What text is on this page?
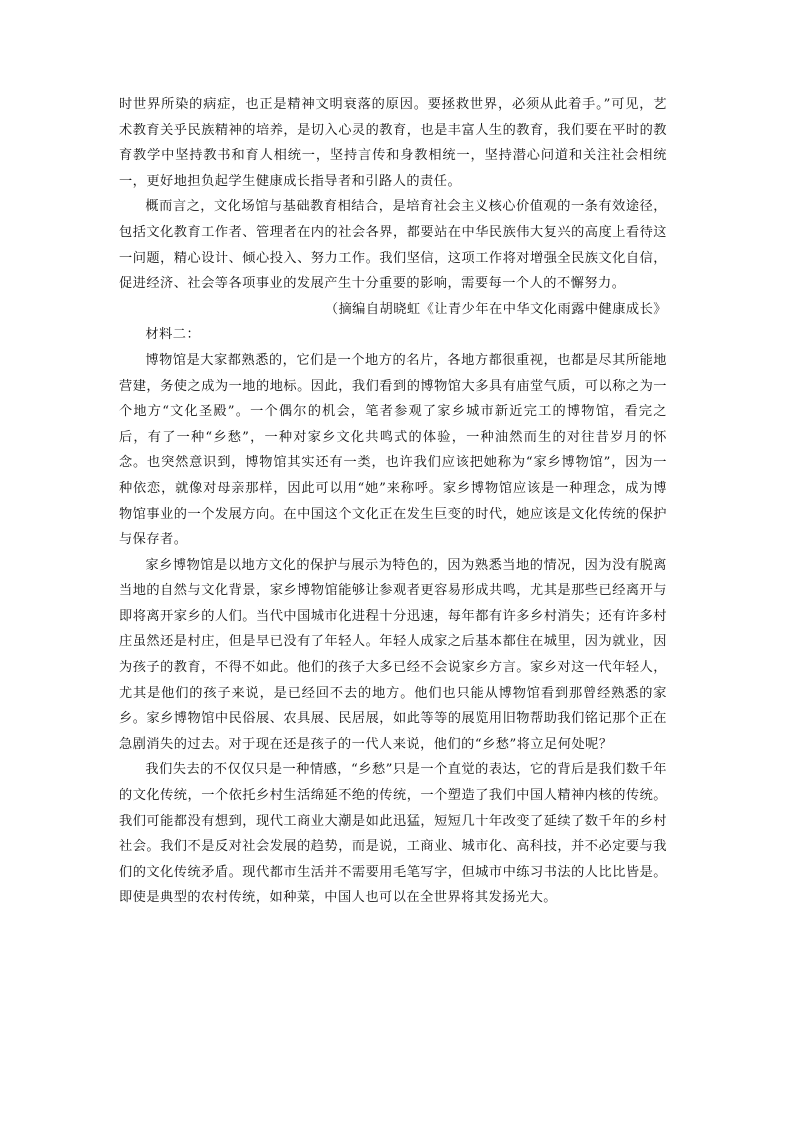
时世界所染的病症，也正是精神文明衰落的原因。要拯救世界，必须从此着手。”可见，艺术教育关乎民族精神的培养，是切入心灵的教育，也是丰富人生的教育，我们要在平时的教育教学中坚持教书和育人相统一，坚持言传和身教相统一，坚持潜心问道和关注社会相统一，更好地担负起学生健康成长指导者和引路人的责任。

概而言之，文化场馆与基础教育相结合，是培育社会主义核心价值观的一条有效途径，包括文化教育工作者、管理者在内的社会各界，都要站在中华民族伟大复兴的高度上看待这一问题，精心设计、倾心投入、努力工作。我们坚信，这项工作将对增强全民族文化自信，促进经济、社会等各项事业的发展产生十分重要的影响，需要每一个人的不懈努力。

（摘编自胡晓虹《让青少年在中华文化雨露中健康成长》

材料二：

博物馆是大家都熟悉的，它们是一个地方的名片，各地方都很重视，也都是尽其所能地营建，务使之成为一地的地标。因此，我们看到的博物馆大多具有庙堂气质，可以称之为一个地方“文化圣殿”。一个偶尔的机会，笔者参观了家乡城市新近完工的博物馆，看完之后，有了一种“乡愁”，一种对家乡文化共鸣式的体验，一种油然而生的对往昔岁月的怀念。也突然意识到，博物馆其实还有一类，也许我们应该把她称为“家乡博物馆”，因为一种依恋，就像对母亲那样，因此可以用“她”来称呼。家乡博物馆应该是一种理念，成为博物馆事业的一个发展方向。在中国这个文化正在发生巨变的时代，她应该是文化传统的保护与保存者。

家乡博物馆是以地方文化的保护与展示为特色的，因为熟悉当地的情况，因为没有脱离当地的自然与文化背景，家乡博物馆能够让参观者更容易形成共鸣，尤其是那些已经离开与即将离开家乡的人们。当代中国城市化进程十分迅速，每年都有许多乡村消失；还有许多村庄虽然还是村庄，但是早已没有了年轻人。年轻人成家之后基本都住在城里，因为就业，因为孩子的教育，不得不如此。他们的孩子大多已经不会说家乡方言。家乡对这一代年轻人，尤其是他们的孩子来说，是已经回不去的地方。他们也只能从博物馆看到那曾经熟悉的家乡。家乡博物馆中民俗展、农具展、民居展，如此等等的展览用旧物帮助我们铭记那个正在急剧消失的过去。对于现在还是孩子的一代人来说，他们的“乡愁”将立足何处呢？

我们失去的不仅仅只是一种情感，“乡愁”只是一个直觉的表达，它的背后是我们数千年的文化传统，一个依托乡村生活绵延不绝的传统，一个塑造了我们中国人精神内核的传统。我们可能都没有想到，现代工商业大潮是如此迅猛，短短几十年改变了延续了数千年的乡村社会。我们不是反对社会发展的趋势，而是说，工商业、城市化、高科技，并不必定要与我们的文化传统矛盾。现代都市生活并不需要用毛笔写字，但城市中练习书法的人比比皆是。即使是典型的农村传统，如种菜，中国人也可以在全世界将其发扬光大。
